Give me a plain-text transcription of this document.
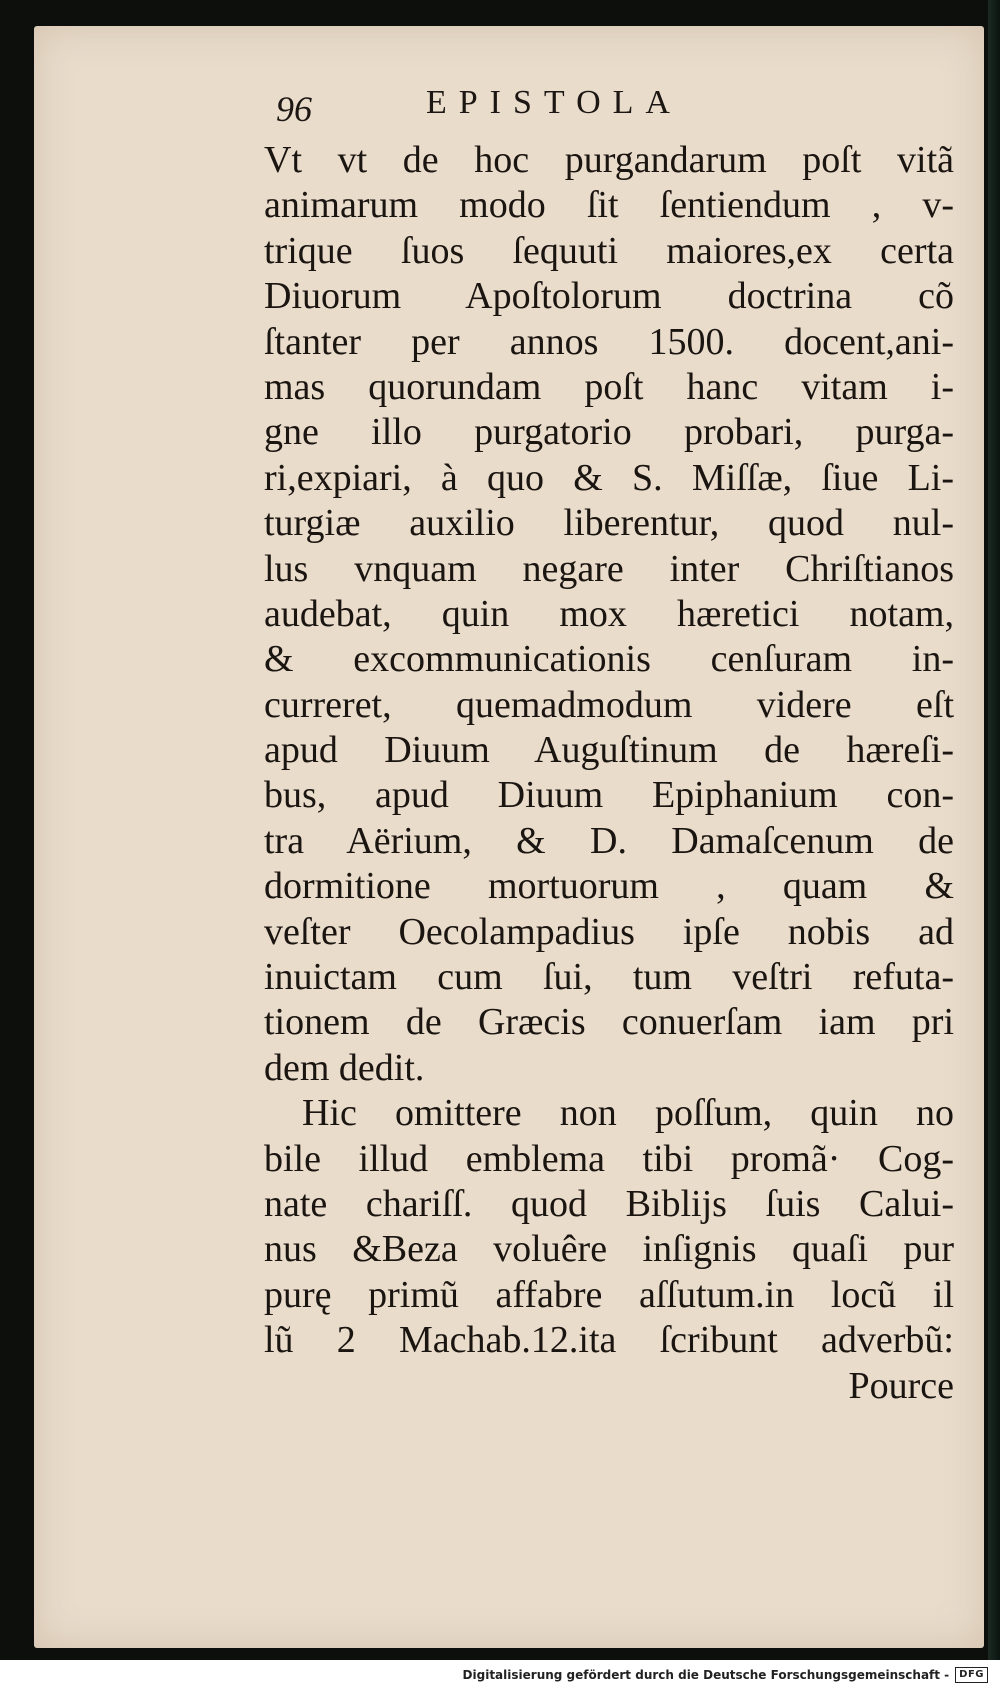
96	EPISTOLA
Vt vt de hoc purgandarum poſt vitã
animarum modo ſit ſentiendum , v-
trique ſuos ſequuti maiores,ex certa
Diuorum Apoſtolorum doctrina cõ
ſtanter per annos 1500. docent,ani-
mas quorundam poſt hanc vitam i-
gne illo purgatorio probari, purga-
ri,expiari, à quo & S. Miſſæ, ſiue Li-
turgiæ auxilio liberentur, quod nul-
lus vnquam negare inter Chriſtianos
audebat, quin mox hæretici notam,
& excommunicationis cenſuram in-
curreret, quemadmodum videre eſt
apud Diuum Auguſtinum de hæreſi-
bus, apud Diuum Epiphanium con-
tra Aërium, & D. Damaſcenum de
dormitione mortuorum , quam &
veſter Oecolampadius ipſe nobis ad
inuictam cum ſui, tum veſtri refuta-
tionem de Græcis conuerſam iam pri
dem dedit.
Hic omittere non poſſum, quin no
bile illud emblema tibi promã· Cog-
nate chariſſ. quod Biblijs ſuis Calui-
nus &Beza voluêre inſignis quaſi pur
purę primũ affabre aſſutum.in locũ il
lũ 2 Machab.12.ita ſcribunt adverbũ:
Pource
Digitalisierung gefördert durch die Deutsche Forschungsgemeinschaft -	DFG
